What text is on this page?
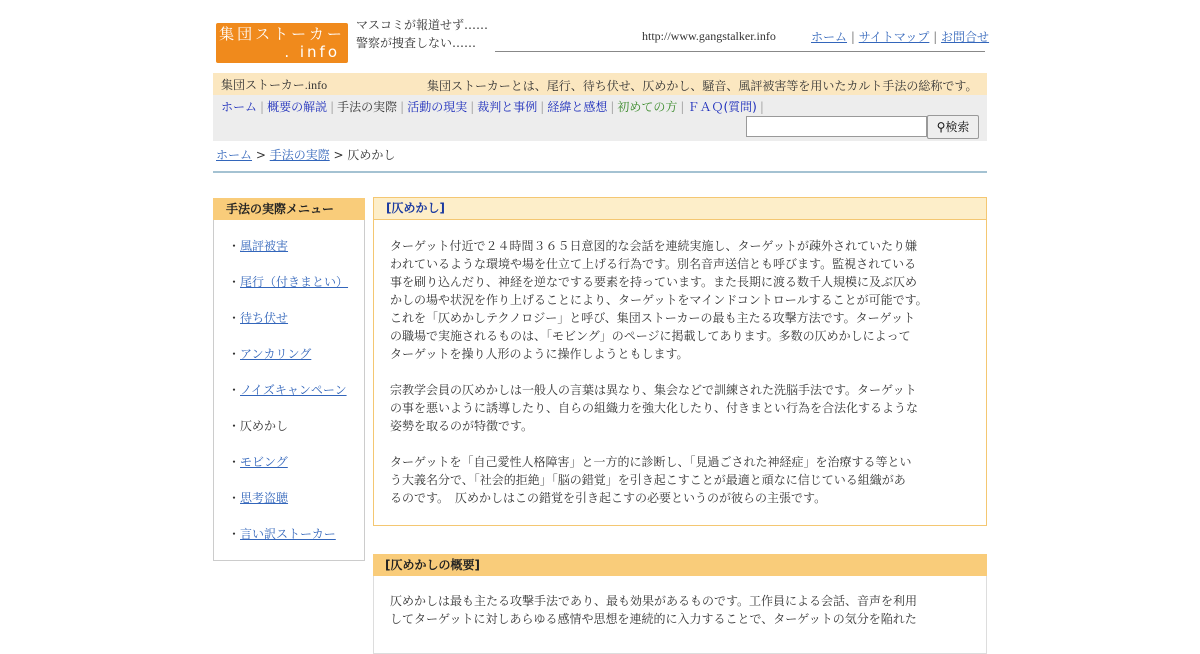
集団ストーカー
. info
マスコミが報道せず……　警察が捜査しない……	http://www.gangstalker.info	ホーム | サイトマップ | お問合せ
集団ストーカー.info	集団ストーカーとは、尾行、待ち伏せ、仄めかし、騒音、風評被害等を用いたカルト手法の総称です。
ホーム | 概要の解説 | 手法の実際 | 活動の現実 | 裁判と事例 | 経緯と感想 | 初めての方 | ＦＡＱ(質問) |
⚲検索
ホーム > 手法の実際 > 仄めかし
手法の実際メニュー
・風評被害
・尾行（付きまとい）
・待ち伏せ
・アンカリング
・ノイズキャンペーン
・仄めかし
・モビング
・思考盗聴
・言い訳ストーカー
[仄めかし]
ターゲット付近で２４時間３６５日意図的な会話を連続実施し、ターゲットが疎外されていたり嫌
われているような環境や場を仕立て上げる行為です。別名音声送信とも呼びます。監視されている
事を刷り込んだり、神経を逆なでする要素を持っています。また長期に渡る数千人規模に及ぶ仄め
かしの場や状況を作り上げることにより、ターゲットをマインドコントロールすることが可能です。
これを「仄めかしテクノロジー」と呼び、集団ストーカーの最も主たる攻撃方法です。ターゲット
の職場で実施されるものは、「モビング」のページに掲載してあります。多数の仄めかしによって
ターゲットを操り人形のように操作しようともします。
宗教学会員の仄めかしは一般人の言葉は異なり、集会などで訓練された洗脳手法です。ターゲット
の事を悪いように誘導したり、自らの組織力を強大化したり、付きまとい行為を合法化するような
姿勢を取るのが特徴です。
ターゲットを「自己愛性人格障害」と一方的に診断し、「見過ごされた神経症」を治療する等とい
う大義名分で、「社会的拒絶」「脳の錯覚」を引き起こすことが最適と頑なに信じている組織があ
るのです。　仄めかしはこの錯覚を引き起こすの必要というのが彼らの主張です。
[仄めかしの概要]
仄めかしは最も主たる攻撃手法であり、最も効果があるものです。工作員による会話、音声を利用
してターゲットに対しあらゆる感情や思想を連続的に入力することで、ターゲットの気分を陥れた
